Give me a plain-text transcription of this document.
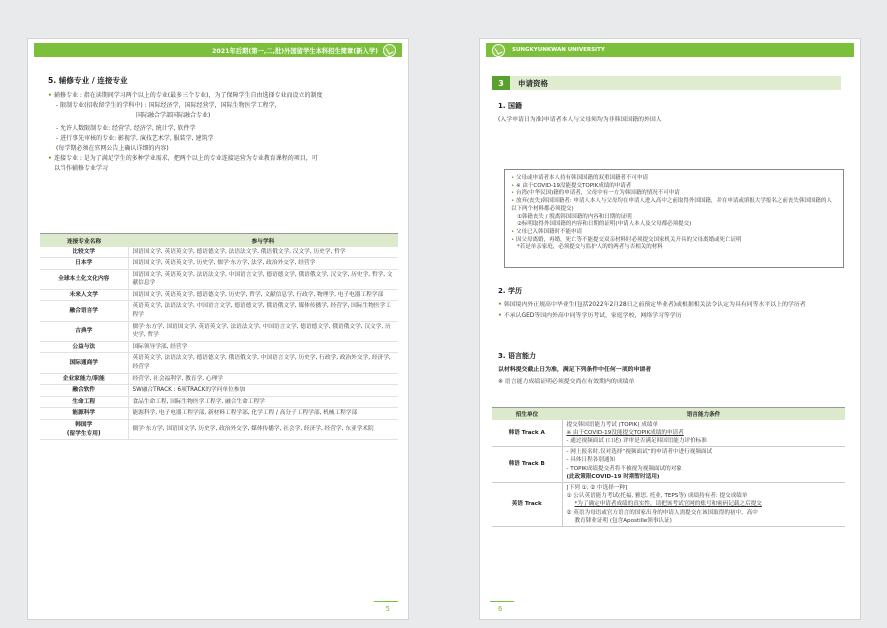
2021年后期(第一,二,批)外国留学生本科招生简章(新入学)
5. 辅修专业 / 连接专业
• 辅修专业 : 指在读期间学习两个以上的专业(最多三个专业)，为了保障学生自由选择专业而设立的制度
- 限制专业(招收留学生的学科中) : 国际经济学，国际经营学，国际生物医学工程学，
国际融合学部国际融合专业)
- 允许人数限制专业: 经营学, 经济学, 统计学, 软件学
- 进行事先审核的专业: 影视学, 演技艺术学, 服装学, 建筑学
(每学期必须在官网公告上确认详细的内容)
• 连接专业 : 是为了满足学生的多种学业需求，把两个以上的专业连接运营为专业教育课程的项目，可
以当作辅修专业学习
连接专业名称	参与学科
比较文学	国语国文学, 英语英文学, 德语德文学, 法语法文学, 俄语俄文学, 汉文学, 历史学, 哲学
日本学	国语国文学, 英语英文学, 历史学, 儒学·东方学, 法学, 政治外交学, 经营学
全球本土化文化内容	国语国文学, 英语英文学, 法语法文学, 中国语言文学, 德语德文学, 俄语俄文学, 汉文学, 历史学, 哲学, 文献信息学
未来人文学	国语国文学, 英语英文学, 德语德文学, 历史学, 哲学, 文献信息学, 行政学, 物理学, 电子电器工程学部
融合语言学	英语英文学, 法语法文学, 中国语言文学, 德语德文学, 俄语俄文学, 媒体传播学, 经营学, 国际生物医学工程学
古典学	儒学·东方学, 国语国文学, 英语英文学, 法语法文学, 中国语言文学, 德语德文学, 俄语俄文学, 汉文学, 历史学, 哲学
公益与法	国际领导学部, 经营学
国际通商学	英语英文学, 法语法文学, 德语德文学, 俄语俄文学, 中国语言文学, 历史学, 行政学, 政治外交学, 经济学, 经营学
企业家能力/职能	经营学, 社会福利学, 教育学, 心理学
融合软件	SW融合TRACK : 6项TRACK的学问单位参加
生命工程	食品生命工程, 国际生物医学工程学, 融合生命工程学
能源科学	能源科学, 电子电器工程学部, 新材料工程学部, 化学工程 / 高分子工程学部, 机械工程学部
韩国学
(留学生专用)	儒学·东方学, 国语国文学, 历史学, 政治外交学, 媒体传播学, 社会学, 经济学, 经营学, 东亚学术院
5
SUNGKYUNKWAN UNIVERSITY
3	申请资格
1. 国籍
(入学申请日为准)申请者本人与父母须均为非韩国国籍的外国人
• 父母或申请者本人持有韩国国籍的双重国籍者不可申请
• ※ 由于COVID-19没能提交TOPIK成绩的申请者
• 台湾(中华民国)籍的申请者，父母中有一方为韩国籍的情况不可申请
• 放弃(丧失)韩国国籍者: 申请人本人与父母均在申请人进入高中之前取得外国国籍，并在申请或填报大学报名之前丧失韩国国籍的人以下两个材料都必须提交)
①韩籍丧失 / 脱离韩国国籍的内容和日期的证明
②标明取得外国国籍的内容和日期的证明(申请人本人及父母都必须提交)
• 父母已入韩国籍时不能申请
• 因父母离婚，再婚，死亡等不能提交双亲材料时必须提交国家机关开具的父母离婚或死亡证明
*若是单亲家庭，必须提交与监护人的的两者与否相关的材料
2. 学历
• 韩国境内外正规高中毕业生(包括2022年2月28日之前预定毕业者)或根据相关法令认定为具有同等水平以上的学历者
• 不承认GED等国内外高中同等学历考试，家庭学校，网络学习等学历
3. 语言能力
以材料提交截止日为准，满足下列条件中任何一项的申请者
※ 语言能力成绩证明必须提交尚在有效期内的成绩单
招生单位	语言能力条件
韩语 Track A	提交韩国语能力考试 (TOPIK) 成绩单
※ 由于COVID-19没能提交TOPIK成绩的申请者
- 通过视频面试 (口述) 评审是否满足韩国语能力评价标准

韩语 Track B	- 网上报名时,仅对选择“视频面试”的申请者中进行视频面试
- 具体日程各别通知
- TOPIK成绩提交者将不被视为视频面试的对象
(此政策限COVID-19 时期暂时适用)

英语 Track	[下列 ①, ② 中选择一种]
① 公认英语能力考试(托福, 雅思, 托业, TEPS等) 成绩持有者: 提交成绩单
*为了确定申请者成绩的真实性，请把该考试官网的账号和密码记载之后提交
② 英语为母语或官方语言的国家出身的申请人需提交在该国取得的初中、高中
教育肄业证明 (包含Apostille领事认证)
6
